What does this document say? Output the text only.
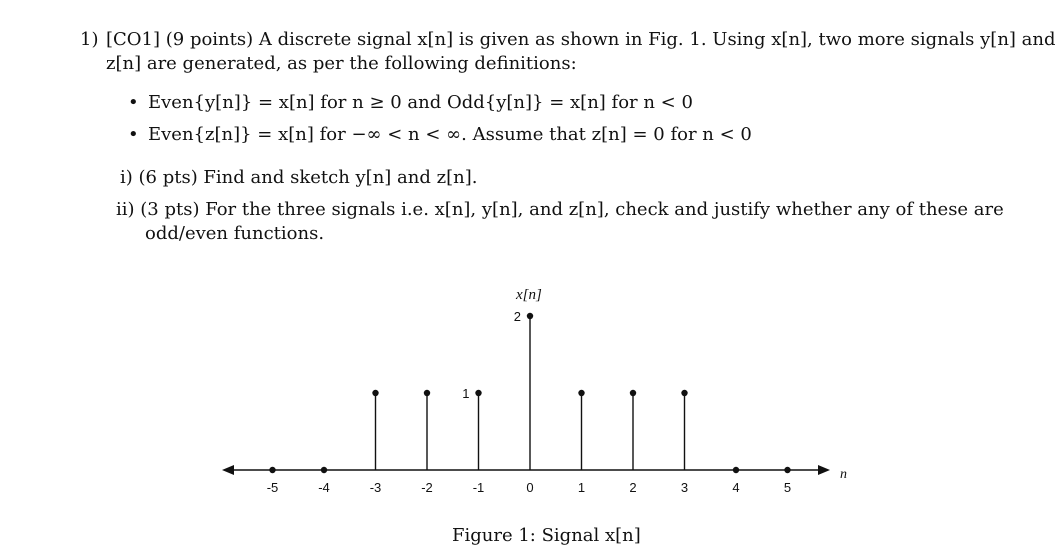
1) [CO1] (9 points) A discrete signal x[n] is given as shown in Fig. 1. Using x[n], two more signals y[n] and
z[n] are generated, as per the following definitions:
• Even{y[n]} = x[n] for n ≥ 0 and Odd{y[n]} = x[n] for n < 0
• Even{z[n]} = x[n] for −∞ < n < ∞. Assume that z[n] = 0 for n < 0
i) (6 pts) Find and sketch y[n] and z[n].
ii) (3 pts) For the three signals i.e. x[n], y[n], and z[n], check and justify whether any of these are
odd/even functions.
n
x[n]
-5	-4	-3	-2	-1	0	1	2	3	4	5
1
2
Figure 1: Signal x[n]
